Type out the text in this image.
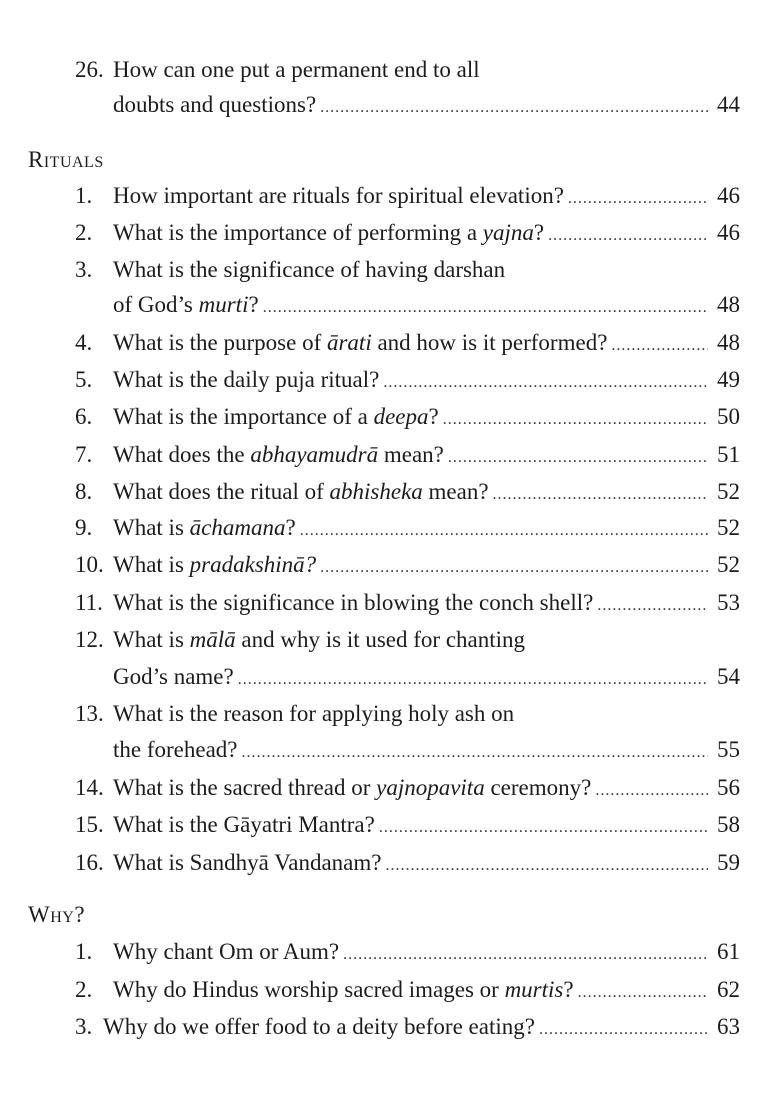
26. How can one put a permanent end to all
doubts and questions? .....	44
Rituals
1. How important are rituals for spiritual elevation? .....	46
2. What is the importance of performing a yajna? .....	46
3. What is the significance of having darshan
of God’s murti? .....	48
4. What is the purpose of ārati and how is it performed? .....	48
5. What is the daily puja ritual? .....	49
6. What is the importance of a deepa? .....	50
7. What does the abhayamudrā mean? .....	51
8. What does the ritual of abhisheka mean? .....	52
9. What is āchamana? .....	52
10. What is pradakshinā? .....	52
11. What is the significance in blowing the conch shell? .....	53
12. What is mālā and why is it used for chanting
God’s name? .....	54
13. What is the reason for applying holy ash on
the forehead? .....	55
14. What is the sacred thread or yajnopavita ceremony? .....	56
15. What is the Gāyatri Mantra? .....	58
16. What is Sandhyā Vandanam? .....	59
Why?
1. Why chant Om or Aum? .....	61
2. Why do Hindus worship sacred images or murtis? .....	62
3. Why do we offer food to a deity before eating? .....	63
